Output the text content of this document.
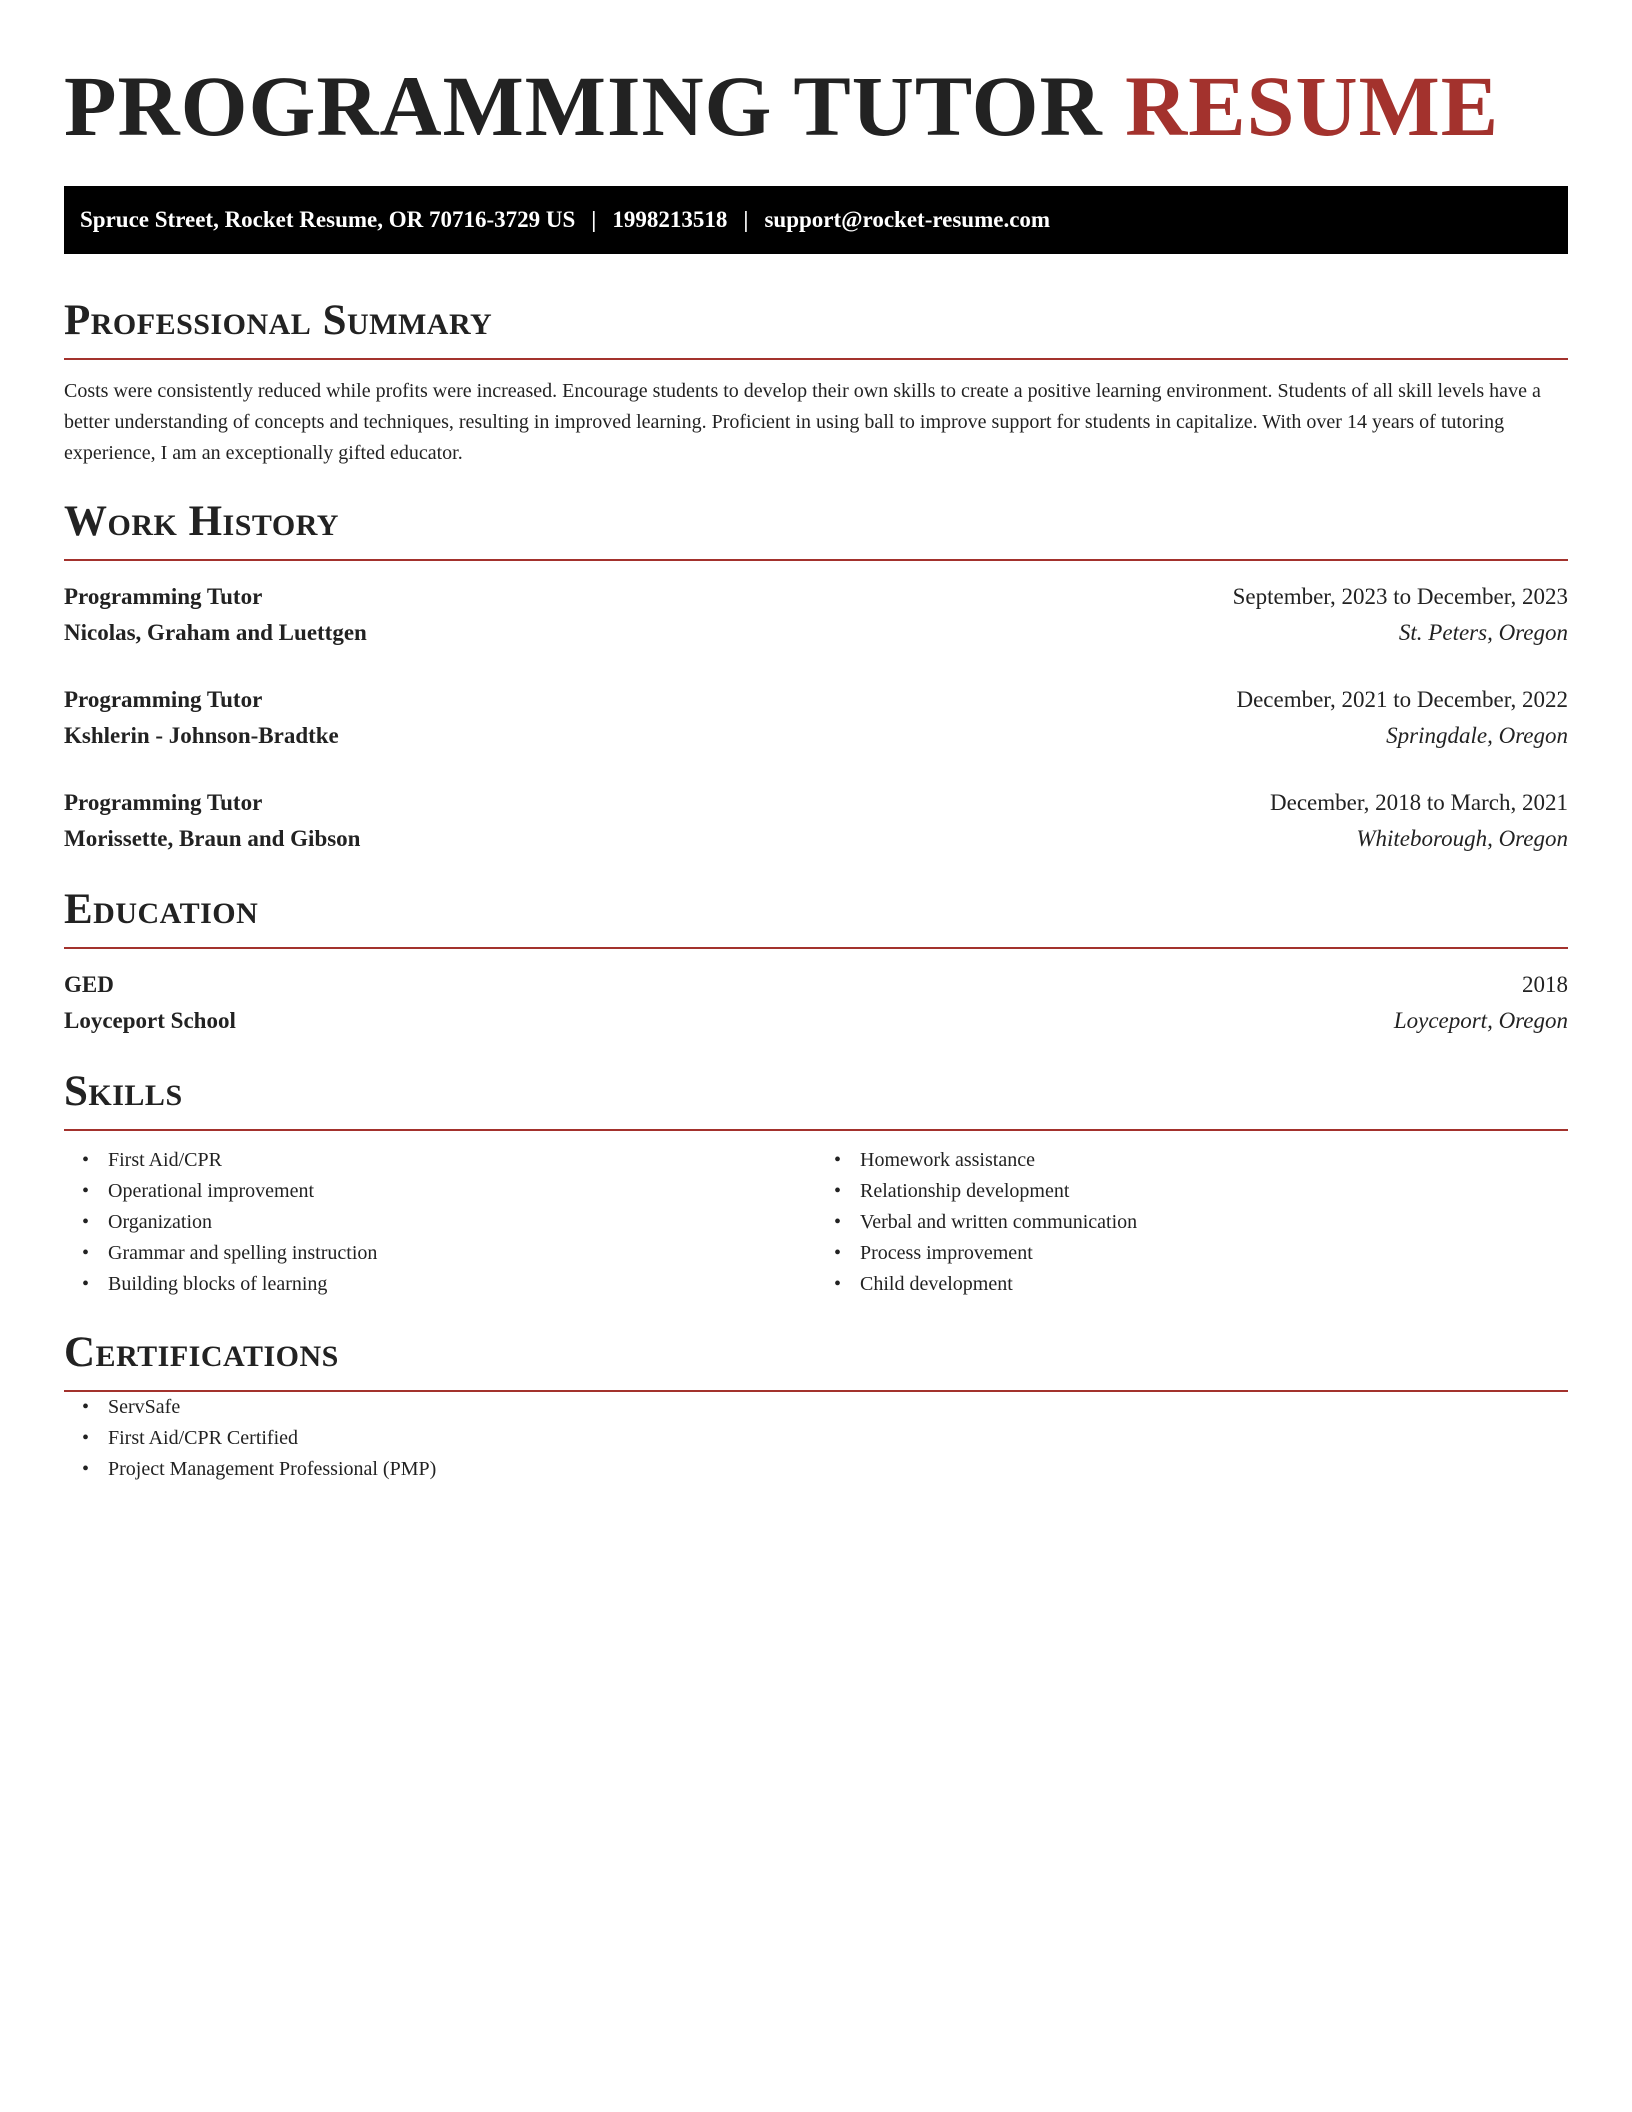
PROGRAMMING TUTOR RESUME
Spruce Street, Rocket Resume, OR 70716-3729 US | 1998213518 | support@rocket-resume.com
Professional Summary

Costs were consistently reduced while profits were increased. Encourage students to develop their own skills to create a positive learning environment. Students of all skill levels have a better understanding of concepts and techniques, resulting in improved learning. Proficient in using ball to improve support for students in capitalize. With over 14 years of tutoring experience, I am an exceptionally gifted educator.

Work History
Programming Tutor	September, 2023 to December, 2023
Nicolas, Graham and Luettgen	St. Peters, Oregon
Programming Tutor	December, 2021 to December, 2022
Kshlerin - Johnson-Bradtke	Springdale, Oregon
Programming Tutor	December, 2018 to March, 2021
Morissette, Braun and Gibson	Whiteborough, Oregon
Education
GED	2018
Loyceport School	Loyceport, Oregon
Skills
• First Aid/CPR
• Operational improvement
• Organization
• Grammar and spelling instruction
• Building blocks of learning
• Homework assistance
• Relationship development
• Verbal and written communication
• Process improvement
• Child development
Certifications
• ServSafe
• First Aid/CPR Certified
• Project Management Professional (PMP)
